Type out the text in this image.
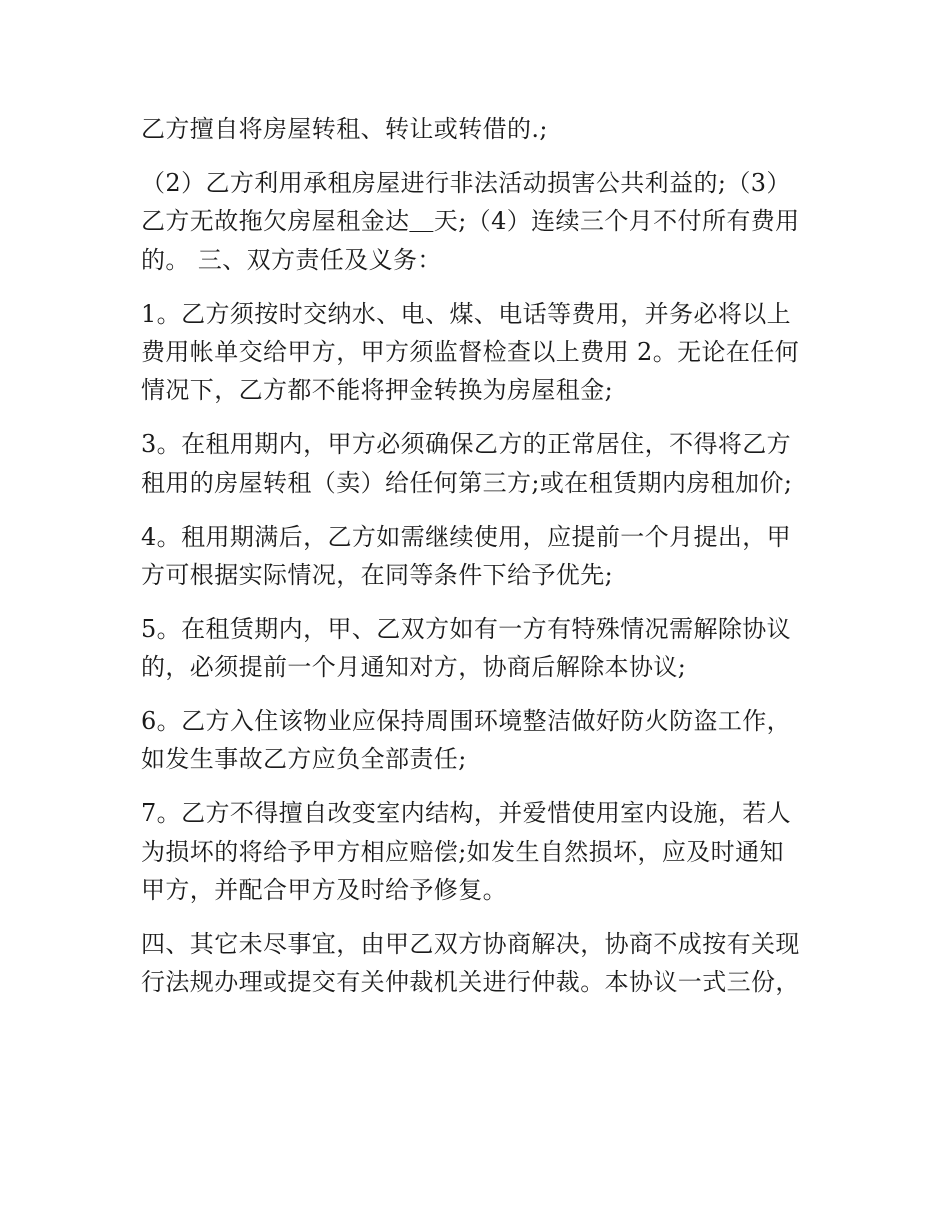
乙方擅自将房屋转租、转让或转借的.;

（2）乙方利用承租房屋进行非法活动损害公共利益的;（3）

乙方无故拖欠房屋租金达＿天;（4）连续三个月不付所有费用

的。 三、双方责任及义务：

1。乙方须按时交纳水、电、煤、电话等费用，并务必将以上

费用帐单交给甲方，甲方须监督检查以上费用 2。无论在任何

情况下，乙方都不能将押金转换为房屋租金;

3。在租用期内，甲方必须确保乙方的正常居住，不得将乙方

租用的房屋转租（卖）给任何第三方;或在租赁期内房租加价;

4。租用期满后，乙方如需继续使用，应提前一个月提出，甲

方可根据实际情况，在同等条件下给予优先;

5。在租赁期内，甲、乙双方如有一方有特殊情况需解除协议

的，必须提前一个月通知对方，协商后解除本协议;

6。乙方入住该物业应保持周围环境整洁做好防火防盗工作，

如发生事故乙方应负全部责任;

7。乙方不得擅自改变室内结构，并爱惜使用室内设施，若人

为损坏的将给予甲方相应赔偿;如发生自然损坏，应及时通知

甲方，并配合甲方及时给予修复。

四、其它未尽事宜，由甲乙双方协商解决，协商不成按有关现

行法规办理或提交有关仲裁机关进行仲裁。本协议一式三份，
